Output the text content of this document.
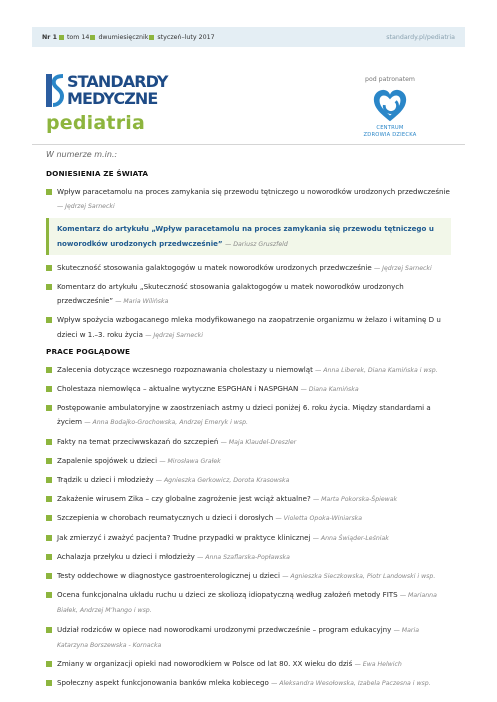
Nr 1 tom 14 dwumiesięcznik styczeń–luty 2017	standardy.pl/pediatria
STANDARDY
MEDYCZNE
pediatria
pod patronatem
CENTRUM
ZDROWIA DZIECKA
W numerze m.in.:
DONIESIENIA ZE ŚWIATA
Wpływ paracetamolu na proces zamykania się przewodu tętniczego u noworodków urodzonych przedwcześnie — Jędrzej Sarnecki
Komentarz do artykułu „Wpływ paracetamolu na proces zamykania się przewodu tętniczego u noworodków urodzonych przedwcześnie” — Dariusz Gruszfeld
Skuteczność stosowania galaktogogów u matek noworodków urodzonych przedwcześnie — Jędrzej Sarnecki
Komentarz do artykułu „Skuteczność stosowania galaktogogów u matek noworodków urodzonych przedwcześnie” — Maria Wilińska
Wpływ spożycia wzbogacanego mleka modyfikowanego na zaopatrzenie organizmu w żelazo i witaminę D u dzieci w 1.–3. roku życia — Jędrzej Sarnecki
PRACE POGLĄDOWE
Zalecenia dotyczące wczesnego rozpoznawania cholestazy u niemowląt — Anna Liberek, Diana Kamińska i wsp.
Cholestaza niemowlęca – aktualne wytyczne ESPGHAN i NASPGHAN — Diana Kamińska
Postępowanie ambulatoryjne w zaostrzeniach astmy u dzieci poniżej 6. roku życia. Między standardami a życiem — Anna Bodajko-Grochowska, Andrzej Emeryk i wsp.
Fakty na temat przeciwwskazań do szczepień — Maja Klaudel-Dreszler
Zapalenie spojówek u dzieci — Mirosława Grałek
Trądzik u dzieci i młodzieży — Agnieszka Gerkowicz, Dorota Krasowska
Zakażenie wirusem Zika – czy globalne zagrożenie jest wciąż aktualne? — Marta Pokorska-Śpiewak
Szczepienia w chorobach reumatycznych u dzieci i dorosłych — Violetta Opoka-Winiarska
Jak zmierzyć i zważyć pacjenta? Trudne przypadki w praktyce klinicznej — Anna Świąder-Leśniak
Achalazja przełyku u dzieci i młodzieży — Anna Szaflarska-Popławska
Testy oddechowe w diagnostyce gastroenterologicznej u dzieci — Agnieszka Sieczkowska, Piotr Landowski i wsp.
Ocena funkcjonalna układu ruchu u dzieci ze skoliozą idiopatyczną według założeń metody FITS — Marianna Białek, Andrzej M’hango i wsp.
Udział rodziców w opiece nad noworodkami urodzonymi przedwcześnie – program edukacyjny — Maria Katarzyna Borszewska - Kornacka
Zmiany w organizacji opieki nad noworodkiem w Polsce od lat 80. XX wieku do dziś — Ewa Helwich
Społeczny aspekt funkcjonowania banków mleka kobiecego — Aleksandra Wesołowska, Izabela Paczesna i wsp.
